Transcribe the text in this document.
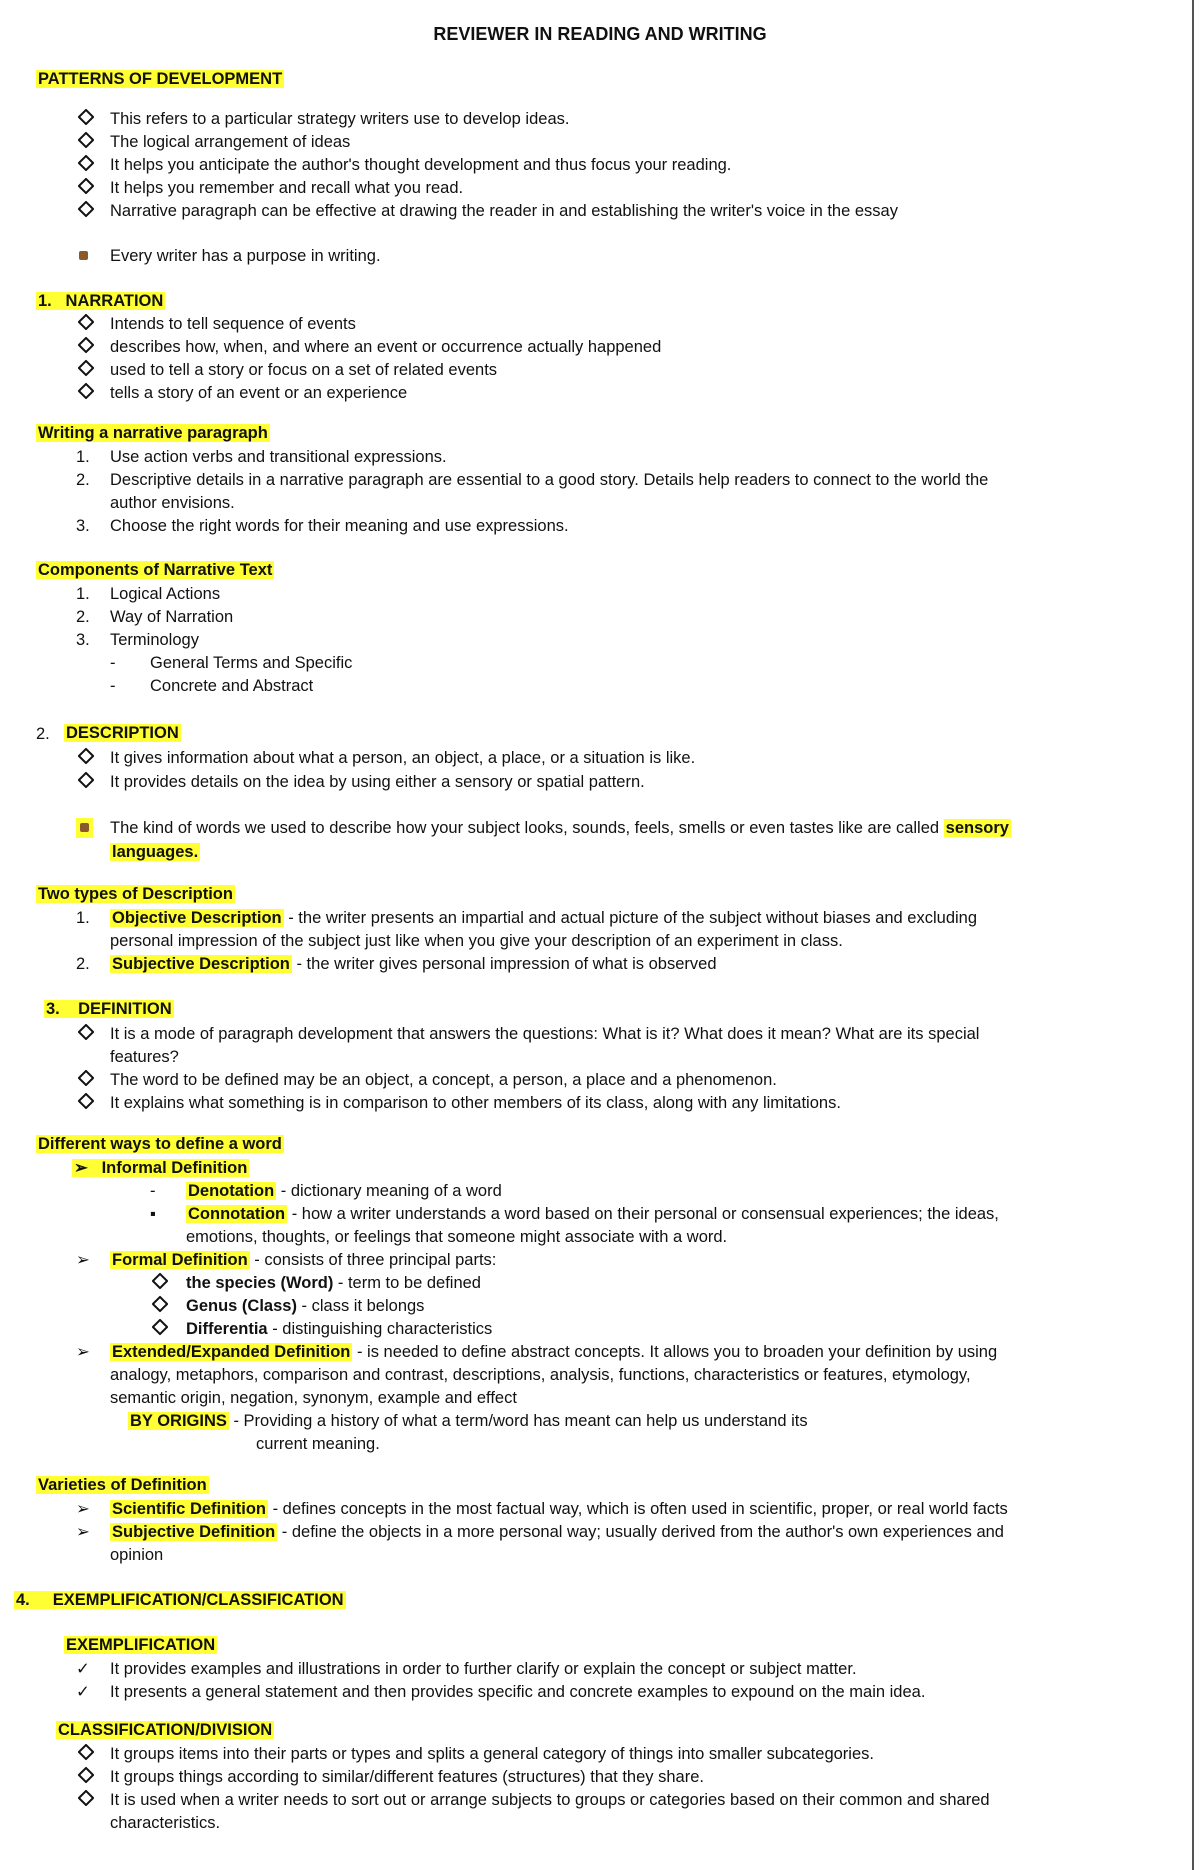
REVIEWER IN READING AND WRITING
PATTERNS OF DEVELOPMENT
This refers to a particular strategy writers use to develop ideas.
The logical arrangement of ideas
It helps you anticipate the author's thought development and thus focus your reading.
It helps you remember and recall what you read.
Narrative paragraph can be effective at drawing the reader in and establishing the writer's voice in the essay
Every writer has a purpose in writing.
1. NARRATION
Intends to tell sequence of events
describes how, when, and where an event or occurrence actually happened
used to tell a story or focus on a set of related events
tells a story of an event or an experience
Writing a narrative paragraph
1. Use action verbs and transitional expressions.
2. Descriptive details in a narrative paragraph are essential to a good story. Details help readers to connect to the world the
author envisions.
3. Choose the right words for their meaning and use expressions.
Components of Narrative Text
1. Logical Actions
2. Way of Narration
3. Terminology
- General Terms and Specific
- Concrete and Abstract
2. DESCRIPTION
It gives information about what a person, an object, a place, or a situation is like.
It provides details on the idea by using either a sensory or spatial pattern.
The kind of words we used to describe how your subject looks, sounds, feels, smells or even tastes like are called sensory
languages.
Two types of Description
1. Objective Description - the writer presents an impartial and actual picture of the subject without biases and excluding
personal impression of the subject just like when you give your description of an experiment in class.
2. Subjective Description - the writer gives personal impression of what is observed
3. DEFINITION
It is a mode of paragraph development that answers the questions: What is it? What does it mean? What are its special
features?
The word to be defined may be an object, a concept, a person, a place and a phenomenon.
It explains what something is in comparison to other members of its class, along with any limitations.
Different ways to define a word
➢ Informal Definition
- Denotation - dictionary meaning of a word
▪ Connotation - how a writer understands a word based on their personal or consensual experiences; the ideas,
emotions, thoughts, or feelings that someone might associate with a word.
➢ Formal Definition - consists of three principal parts:
the species (Word) - term to be defined
Genus (Class) - class it belongs
Differentia - distinguishing characteristics
➢ Extended/Expanded Definition - is needed to define abstract concepts. It allows you to broaden your definition by using
analogy, metaphors, comparison and contrast, descriptions, analysis, functions, characteristics or features, etymology,
semantic origin, negation, synonym, example and effect
BY ORIGINS - Providing a history of what a term/word has meant can help us understand its
current meaning.
Varieties of Definition
➢ Scientific Definition - defines concepts in the most factual way, which is often used in scientific, proper, or real world facts
➢ Subjective Definition - define the objects in a more personal way; usually derived from the author's own experiences and
opinion
4. EXEMPLIFICATION/CLASSIFICATION
EXEMPLIFICATION
✓ It provides examples and illustrations in order to further clarify or explain the concept or subject matter.
✓ It presents a general statement and then provides specific and concrete examples to expound on the main idea.
CLASSIFICATION/DIVISION
It groups items into their parts or types and splits a general category of things into smaller subcategories.
It groups things according to similar/different features (structures) that they share.
It is used when a writer needs to sort out or arrange subjects to groups or categories based on their common and shared
characteristics.
